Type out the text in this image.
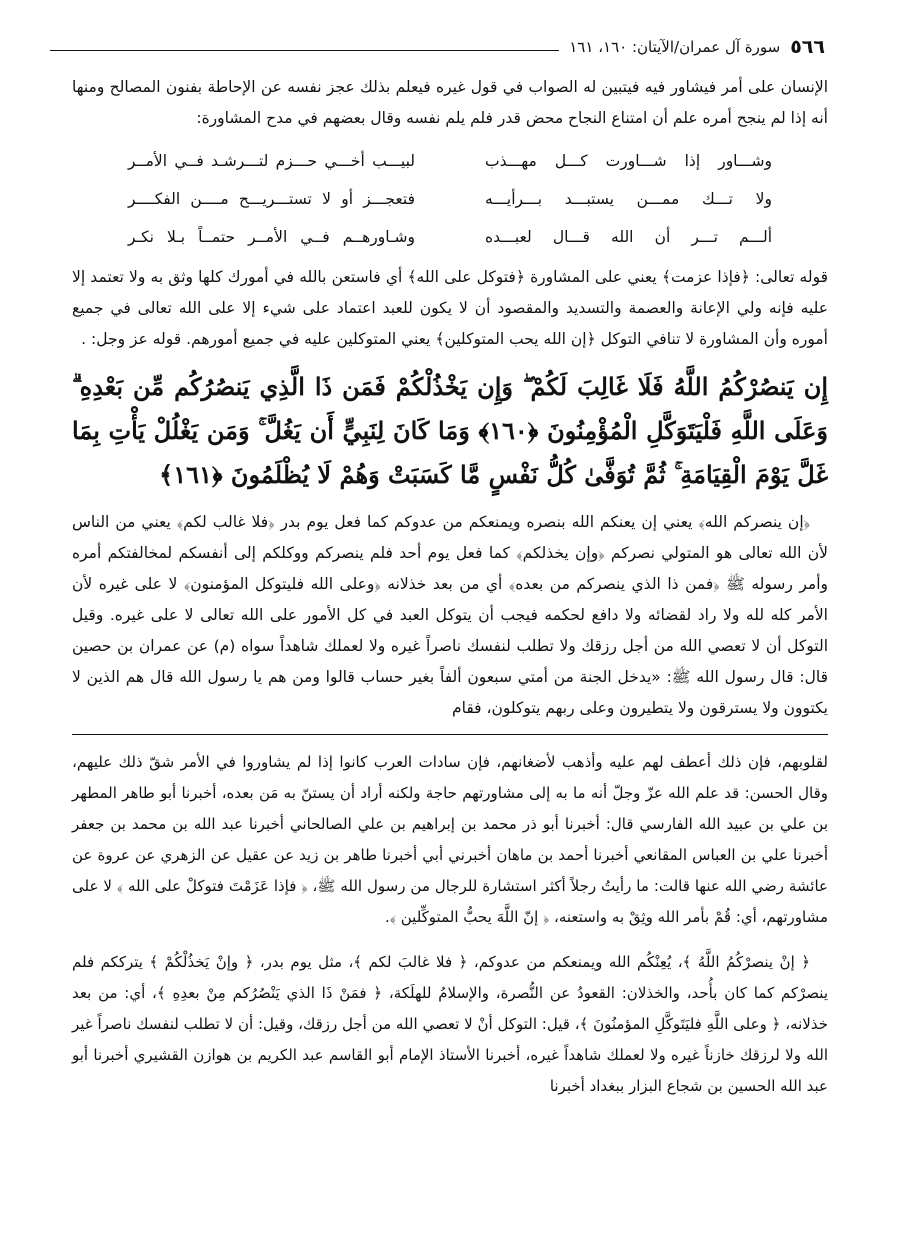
٥٦٦
سورة آل عمران/الآيتان: ١٦٠، ١٦١

الإنسان على أمر فيشاور فيه فيتبين له الصواب في قول غيره فيعلم بذلك عجز نفسه عن الإحاطة بفنون المصالح ومنها أنه إذا لم ينجح أمره علم أن امتناع النجاح محض قدر فلم يلم نفسه وقال بعضهم في مدح المشاورة:

وشـــاور إذا شـــاورت كـــل مهـــذب
لبيـــب أخـــي حـــزم لتـــرشـد فــي الأمــر
ولا تـــك ممـــن يستبـــد بـــرأيـــه
فتعجـــز أو لا تستـــريـــح مــــن الفكــــر
ألـــم تـــر أن الله قـــال لعبـــده
وشـاورهــم فــي الأمــر حتمــاً بـلا نكـر

قوله تعالى: ﴿فإذا عزمت﴾ يعني على المشاورة ﴿فتوكل على الله﴾ أي فاستعن بالله في أمورك كلها وثق به ولا تعتمد إلا عليه فإنه ولي الإعانة والعصمة والتسديد والمقصود أن لا يكون للعبد اعتماد على شيء إلا على الله تعالى في جميع أموره وأن المشاورة لا تنافي التوكل ﴿إن الله يحب المتوكلين﴾ يعني المتوكلين عليه في جميع أمورهم. قوله عز وجل: .

إِن يَنصُرْكُمُ اللَّهُ فَلَا غَالِبَ لَكُمْ ۖ وَإِن يَخْذُلْكُمْ فَمَن ذَا الَّذِي يَنصُرُكُم مِّن بَعْدِهِ ۗ وَعَلَى اللَّهِ فَلْيَتَوَكَّلِ الْمُؤْمِنُونَ ﴿١٦٠﴾ وَمَا كَانَ لِنَبِيٍّ أَن يَغُلَّ ۚ وَمَن يَغْلُلْ يَأْتِ بِمَا غَلَّ يَوْمَ الْقِيَامَةِ ۚ ثُمَّ تُوَفَّىٰ كُلُّ نَفْسٍ مَّا كَسَبَتْ وَهُمْ لَا يُظْلَمُونَ ﴿١٦١﴾

﴿إن ينصركم الله﴾ يعني إن يعنكم الله بنصره ويمنعكم من عدوكم كما فعل يوم بدر ﴿فلا غالب لكم﴾ يعني من الناس لأن الله تعالى هو المتولي نصركم ﴿وإن يخذلكم﴾ كما فعل يوم أحد فلم ينصركم ووكلكم إلى أنفسكم لمخالفتكم أمره وأمر رسوله ﷺ ﴿فمن ذا الذي ينصركم من بعده﴾ أي من بعد خذلانه ﴿وعلى الله فليتوكل المؤمنون﴾ لا على غيره لأن الأمر كله لله ولا راد لقضائه ولا دافع لحكمه فيجب أن يتوكل العبد في كل الأمور على الله تعالى لا على غيره. وقيل التوكل أن لا تعصي الله من أجل رزقك ولا تطلب لنفسك ناصراً غيره ولا لعملك شاهداً سواه (م) عن عمران بن حصين قال: قال رسول الله ﷺ: «يدخل الجنة من أمتي سبعون ألفاً بغير حساب قالوا ومن هم يا رسول الله قال هم الذين لا يكتوون ولا يسترقون ولا يتطيرون وعلى ربهم يتوكلون، فقام

لقلوبهم، فإن ذلك أعطف لهم عليه وأذهب لأضغانهم، فإن سادات العرب كانوا إذا لم يشاوروا في الأمر شقّ ذلك عليهم، وقال الحسن: قد علم الله عزّ وجلّ أنه ما به إلى مشاورتهم حاجة ولكنه أراد أن يستنّ به مَن بعده، أخبرنا أبو طاهر المطهر بن علي بن عبيد الله الفارسي قال: أخبرنا أبو ذر محمد بن إبراهيم بن علي الصالحاني أخبرنا عبد الله بن محمد بن جعفر أخبرنا علي بن العباس المقانعي أخبرنا أحمد بن ماهان أخبرني أبي أخبرنا طاهر بن زيد عن عقيل عن الزهري عن عروة عن عائشة رضي الله عنها قالت: ما رأيتُ رجلاً أكثر استشارة للرجال من رسول الله ﷺ، ﴿ فإذا عَزَمْتَ فتوكلْ على الله ﴾ لا على مشاورتهم، أي: قُمْ بأمر الله وثِقْ به واستعنه، ﴿ إنّ اللَّهَ يحبُّ المتوكِّلين ﴾.

﴿ إنْ ينصرْكُمُ اللَّهُ ﴾، يُعِنْكُم الله ويمنعكم من عدوكم، ﴿ فلا غالبَ لكم ﴾، مثل يوم بدر، ﴿ وإنْ يَخذُلْكُمْ ﴾ يترككم فلم ينصرْكم كما كان بأُحد، والخذلان: القعودُ عن النُّصرة، والإسلامُ للهلَكة، ﴿ فمَنْ ذَا الذي يَنْصُرُكم مِنْ بعدِهِ ﴾، أي: من بعد خذلانه، ﴿ وعلى اللَّهِ فليَتَوكَّلِ المؤمنُونَ ﴾، قيل: التوكل أنْ لا تعصي الله من أجل رزقك، وقيل: أن لا تطلب لنفسك ناصراً غير الله ولا لرزقك خازناً غيره ولا لعملك شاهداً غيره، أخبرنا الأستاذ الإمام أبو القاسم عبد الكريم بن هوازن القشيري أخبرنا أبو عبد الله الحسين بن شجاع البزار ببغداد أخبرنا
